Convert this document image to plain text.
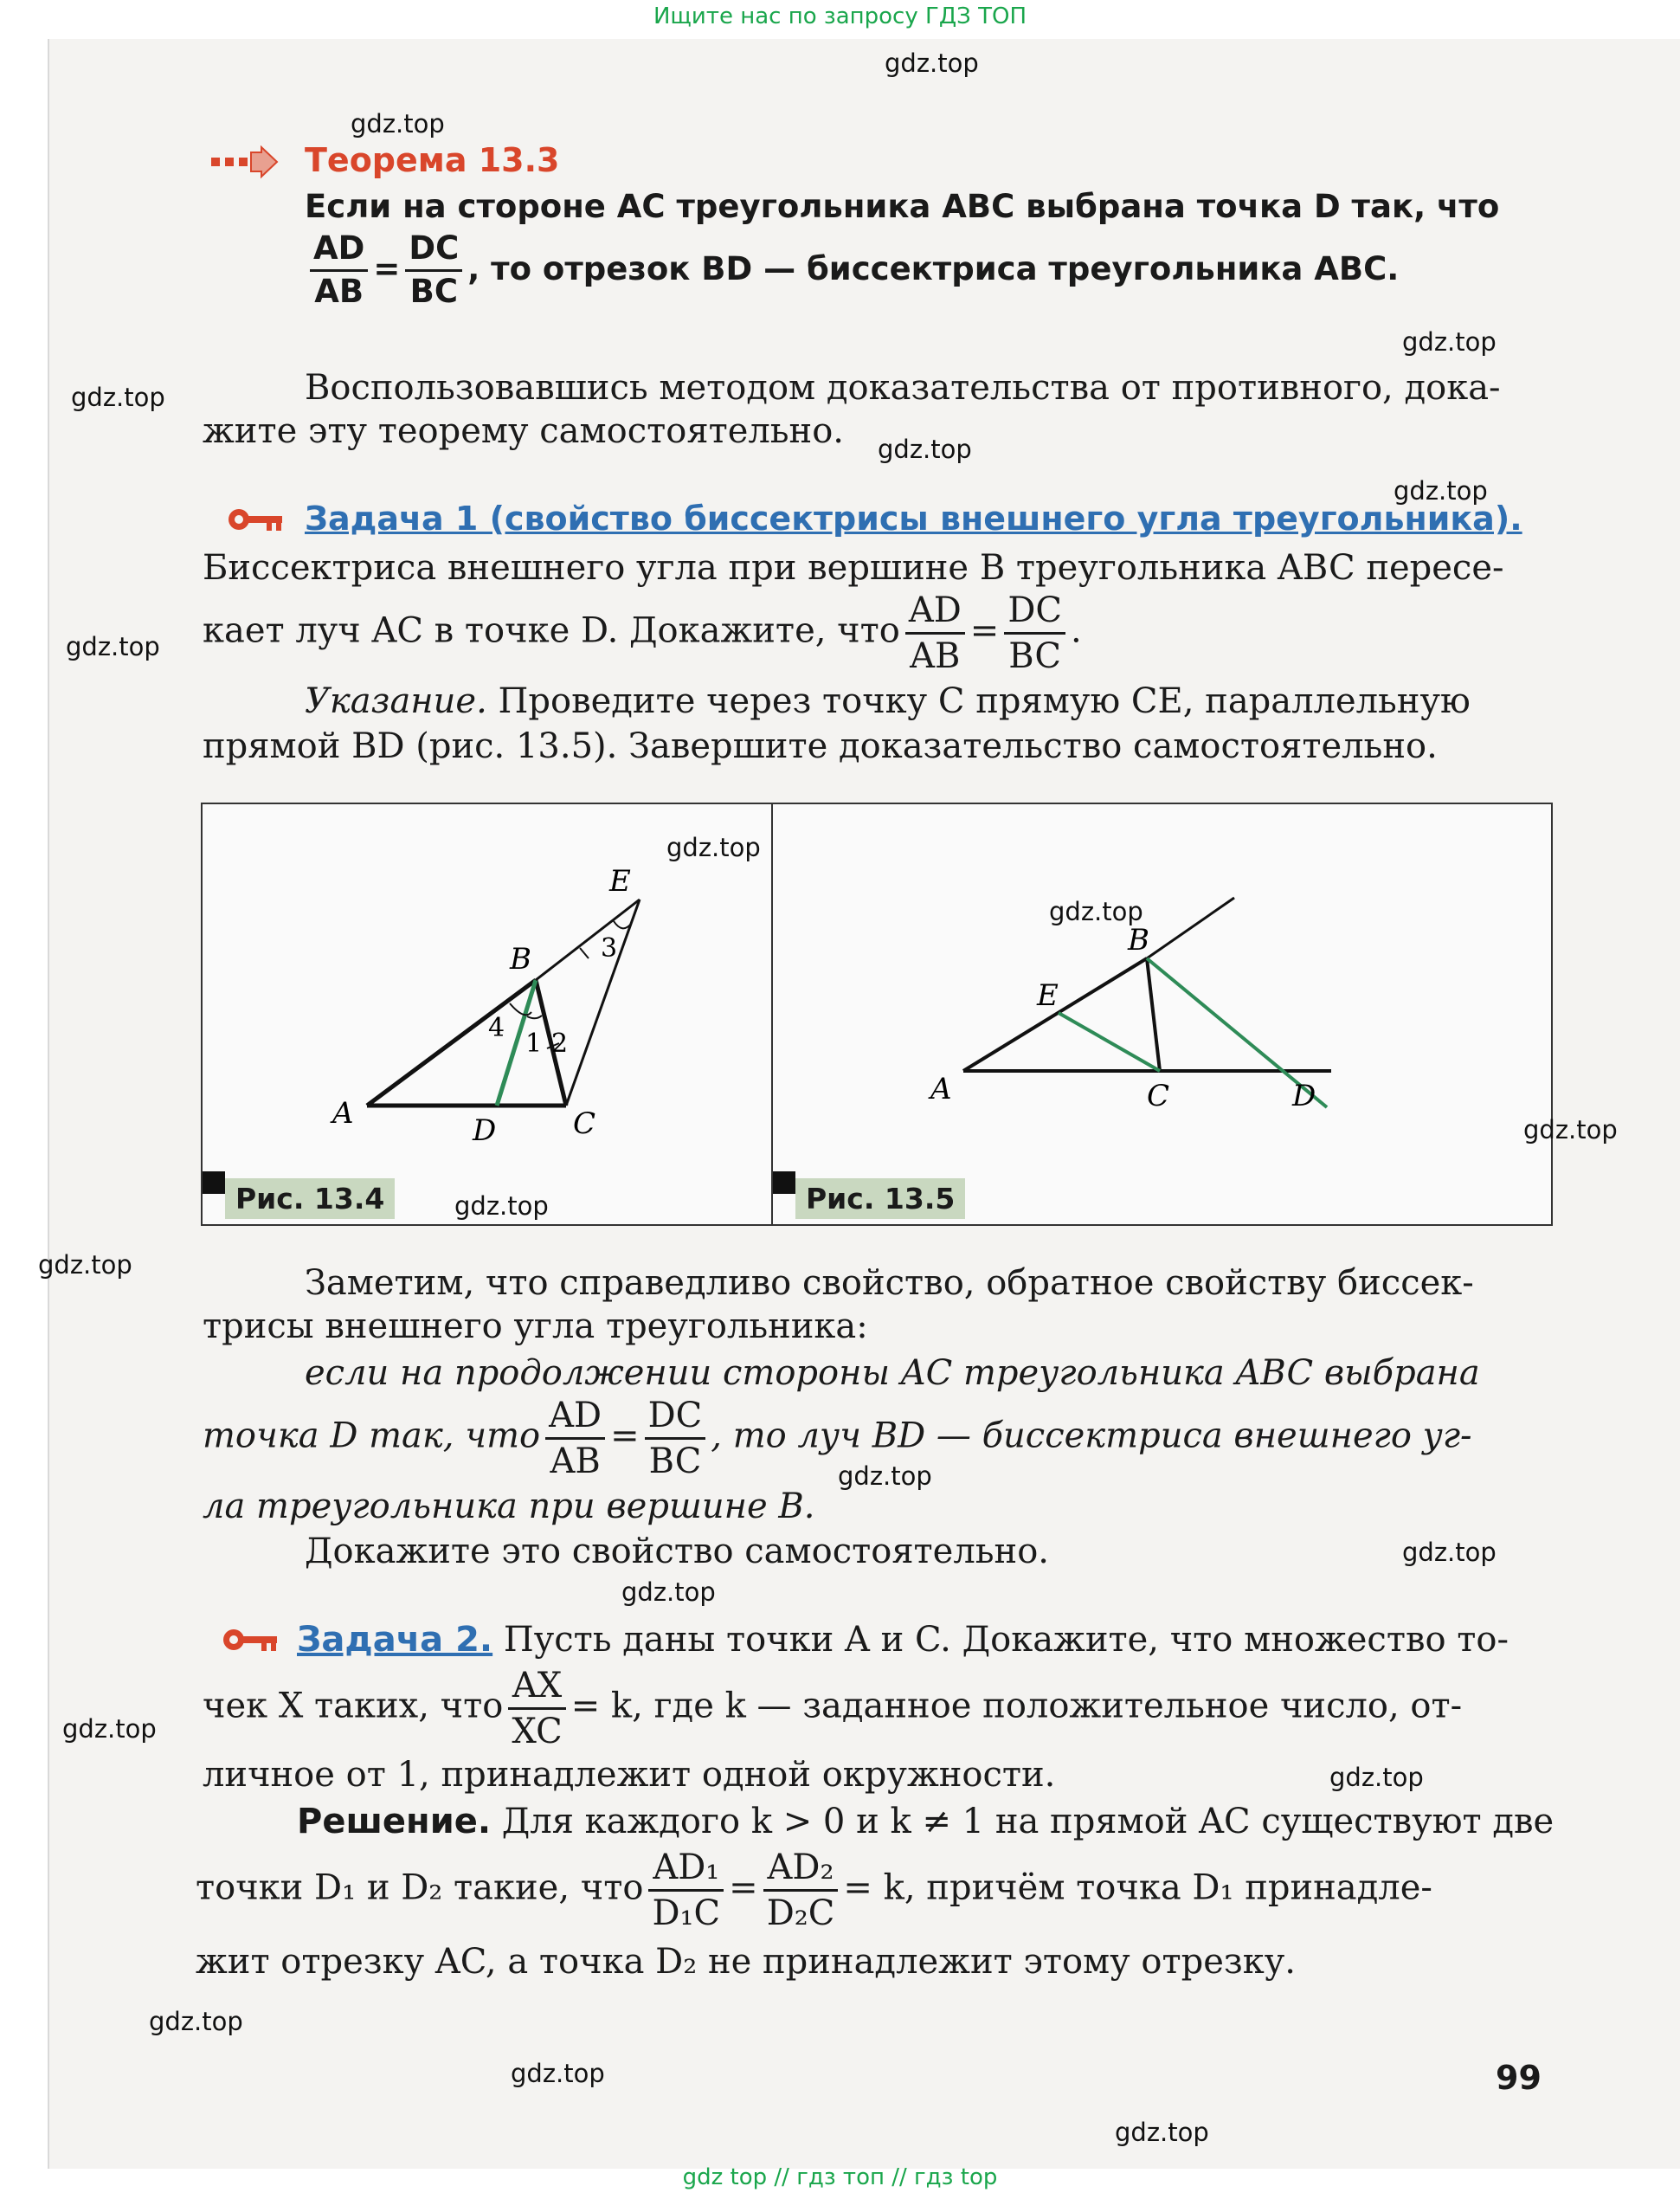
Ищите нас по запросу ГДЗ ТОП
Теорема 13.3
Если на стороне AC треугольника ABC выбрана точка D так, что
$\frac{AD}{AB} = \frac{DC}{BC}$ , то отрезок BD — биссектриса треугольника ABC.
Воспользовавшись методом доказательства от противного, дока-
жите эту теорему самостоятельно.
Задача 1 (свойство биссектрисы внешнего угла треугольника).
Биссектриса внешнего угла при вершине B треугольника ABC пересе-
кает луч AC в точке D. Докажите, что $\frac{AD}{AB} = \frac{DC}{BC}$ .
Указание. Проведите через точку C прямую CE, параллельную
прямой BD (рис. 13.5). Завершите доказательство самостоятельно.
A
B
C
D
E
4
1 2
3	B
E
A	C	D
Рис. 13.4	Рис. 13.5
Заметим, что справедливо свойство, обратное свойству биссек-
трисы внешнего угла треугольника:
если на продолжении стороны AC треугольника ABC выбрана
точка D так, что $\frac{AD}{AB} = \frac{DC}{BC}$ , то луч BD — биссектриса внешнего уг-
ла треугольника при вершине B.
Докажите это свойство самостоятельно.
Задача 2. Пусть даны точки A и C. Докажите, что множество то-
чек X таких, что $\frac{AX}{XC} = k$, где k — заданное положительное число, от-
личное от 1, принадлежит одной окружности.
Решение. Для каждого k > 0 и k ≠ 1 на прямой AC существуют две
точки D₁ и D₂ такие, что $\frac{\text{AD₁}}{\text{D₁C}} = \frac{\text{AD₂}}{\text{D₂C}} = k$, причём точка D₁ принадле-
жит отрезку AC, а точка D₂ не принадлежит этому отрезку.
99
gdz.top
gdz.top
gdz.top
gdz.top
gdz.top
gdz.top
gdz.top
gdz.top
gdz.top
gdz.top
gdz.top
gdz.top
gdz.top
gdz.top
gdz.top
gdz.top
gdz.top
gdz.top
gdz.top
gdz.top
gdz top // гдз топ // гдз top
